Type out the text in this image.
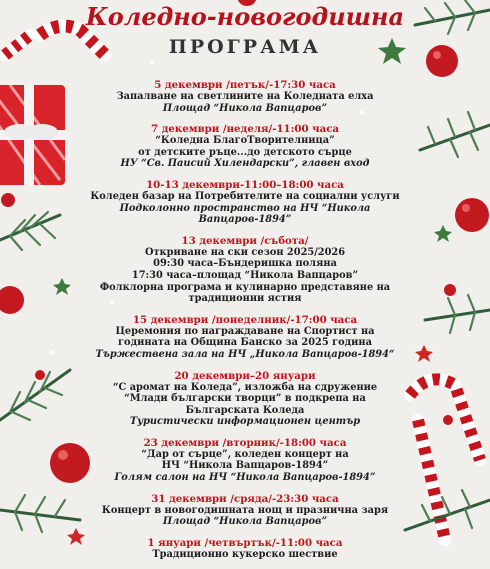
Коледно-новогодишна
ПРОГРАМА
5 декември /петък/-17:30 часа
Запалване на светлините на Коледната елха
Площад “Никола Вапцаров”
7 декември /неделя/-11:00 часа
“Коледна БлагоТворителница”
от детските ръце...до детското сърце
НУ “Св. Паисий Хилендарски”, главен вход
10-13 декември-11:00–18:00 часа
Коледен базар на Потребителите на социални услуги
Подколонно пространство на НЧ “Никола Вапцаров-1894”
13 декември /събота/
Откриване на ски сезон 2025/2026
09:30 часа–Бъндеришка поляна
17:30 часа–площад “Никола Вапцаров”
Фолклорна програма и кулинарно представяне на
традиционни ястия
15 декември /понеделник/-17:00 часа
Церемония по награждаване на Спортист на
годината на Община Банско за 2025 година
Тържествена зала на НЧ „Никола Вапцаров-1894“
20 декември–20 януари
“С аромат на Коледа”, изложба на сдружение
“Млади български творци” в подкрепа на
Българската Коледа
Туристически информационен център
23 декември /вторник/-18:00 часа
“Дар от сърце”, коледен концерт на
НЧ “Никола Вапцаров-1894”
Голям салон на НЧ “Никола Вапцаров-1894”
31 декември /сряда/-23:30 часа
Концерт в новогодишната нощ и празнична заря
Площад “Никола Вапцаров”
1 януари /четвъртък/-11:00 часа
Традиционно кукерско шествие
